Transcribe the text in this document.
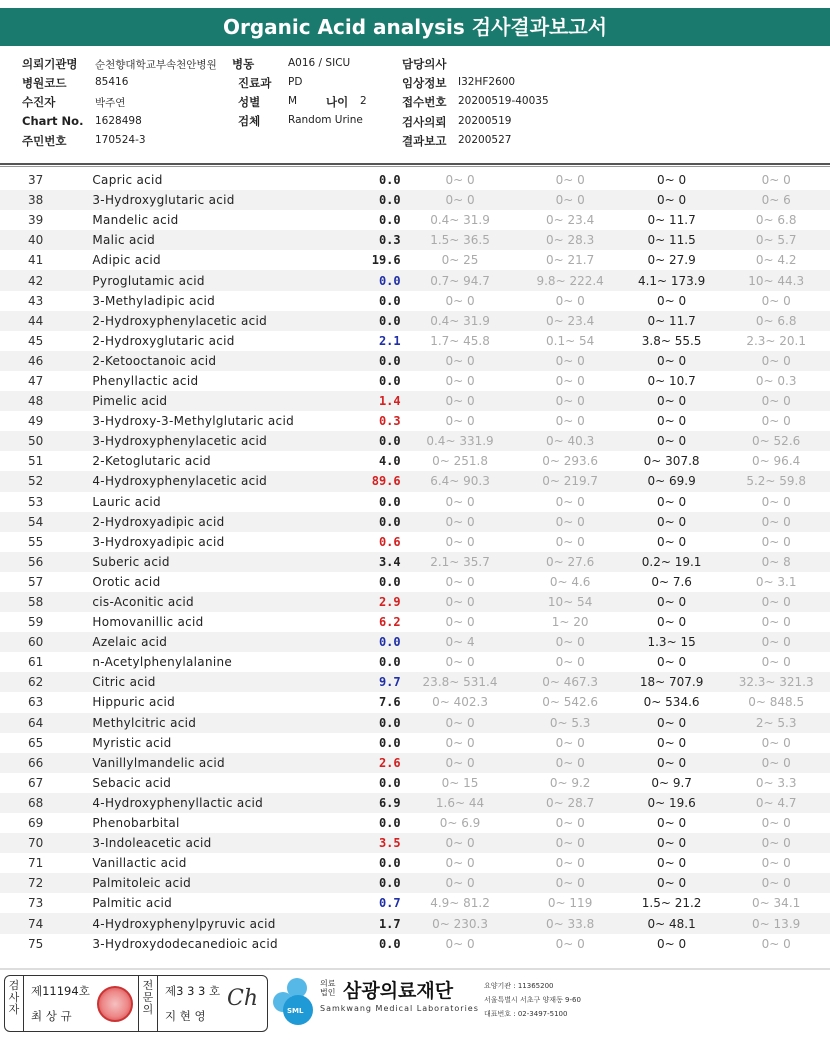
Organic Acid analysis 검사결과보고서
의뢰기관명 순천향대학교부속천안병원 병동	A016 / SICU	담당의사
병원코드	85416	진료과 PD	임상정보 I32HF2600
수진자	박주연	성별	M	나이 2	접수번호 20200519-40035
Chart No. 1628498	검체	Random Urine	검사의뢰 20200519
주민번호	170524-3	결과보고 20200527
37	Capric acid	0.0	0~ 0	0~ 0	0~ 0	0~ 0
38	3-Hydroxyglutaric acid	0.0	0~ 0	0~ 0	0~ 0	0~ 6
39	Mandelic acid	0.0	0.4~ 31.9	0~ 23.4	0~ 11.7	0~ 6.8
40	Malic acid	0.3	1.5~ 36.5	0~ 28.3	0~ 11.5	0~ 5.7
41	Adipic acid	19.6	0~ 25	0~ 21.7	0~ 27.9	0~ 4.2
42	Pyroglutamic acid	0.0	0.7~ 94.7	9.8~ 222.4	4.1~ 173.9	10~ 44.3
43	3-Methyladipic acid	0.0	0~ 0	0~ 0	0~ 0	0~ 0
44	2-Hydroxyphenylacetic acid	0.0	0.4~ 31.9	0~ 23.4	0~ 11.7	0~ 6.8
45	2-Hydroxyglutaric acid	2.1	1.7~ 45.8	0.1~ 54	3.8~ 55.5	2.3~ 20.1
46	2-Ketooctanoic acid	0.0	0~ 0	0~ 0	0~ 0	0~ 0
47	Phenyllactic acid	0.0	0~ 0	0~ 0	0~ 10.7	0~ 0.3
48	Pimelic acid	1.4	0~ 0	0~ 0	0~ 0	0~ 0
49	3-Hydroxy-3-Methylglutaric acid	0.3	0~ 0	0~ 0	0~ 0	0~ 0
50	3-Hydroxyphenylacetic acid	0.0	0.4~ 331.9	0~ 40.3	0~ 0	0~ 52.6
51	2-Ketoglutaric acid	4.0	0~ 251.8	0~ 293.6	0~ 307.8	0~ 96.4
52	4-Hydroxyphenylacetic acid	89.6	6.4~ 90.3	0~ 219.7	0~ 69.9	5.2~ 59.8
53	Lauric acid	0.0	0~ 0	0~ 0	0~ 0	0~ 0
54	2-Hydroxyadipic acid	0.0	0~ 0	0~ 0	0~ 0	0~ 0
55	3-Hydroxyadipic acid	0.6	0~ 0	0~ 0	0~ 0	0~ 0
56	Suberic acid	3.4	2.1~ 35.7	0~ 27.6	0.2~ 19.1	0~ 8
57	Orotic acid	0.0	0~ 0	0~ 4.6	0~ 7.6	0~ 3.1
58	cis-Aconitic acid	2.9	0~ 0	10~ 54	0~ 0	0~ 0
59	Homovanillic acid	6.2	0~ 0	1~ 20	0~ 0	0~ 0
60	Azelaic acid	0.0	0~ 4	0~ 0	1.3~ 15	0~ 0
61	n-Acetylphenylalanine	0.0	0~ 0	0~ 0	0~ 0	0~ 0
62	Citric acid	9.7	23.8~ 531.4	0~ 467.3	18~ 707.9	32.3~ 321.3
63	Hippuric acid	7.6	0~ 402.3	0~ 542.6	0~ 534.6	0~ 848.5
64	Methylcitric acid	0.0	0~ 0	0~ 5.3	0~ 0	2~ 5.3
65	Myristic acid	0.0	0~ 0	0~ 0	0~ 0	0~ 0
66	Vanillylmandelic acid	2.6	0~ 0	0~ 0	0~ 0	0~ 0
67	Sebacic acid	0.0	0~ 15	0~ 9.2	0~ 9.7	0~ 3.3
68	4-Hydroxyphenyllactic acid	6.9	1.6~ 44	0~ 28.7	0~ 19.6	0~ 4.7
69	Phenobarbital	0.0	0~ 6.9	0~ 0	0~ 0	0~ 0
70	3-Indoleacetic acid	3.5	0~ 0	0~ 0	0~ 0	0~ 0
71	Vanillactic acid	0.0	0~ 0	0~ 0	0~ 0	0~ 0
72	Palmitoleic acid	0.0	0~ 0	0~ 0	0~ 0	0~ 0
73	Palmitic acid	0.7	4.9~ 81.2	0~ 119	1.5~ 21.2	0~ 34.1
74	4-Hydroxyphenylpyruvic acid	1.7	0~ 230.3	0~ 33.8	0~ 48.1	0~ 13.9
75	3-Hydroxydodecanedioic acid	0.0	0~ 0	0~ 0	0~ 0	0~ 0
검사자
제11194호
최 상 규
전문의
제3 3 3 호
지 현 영
Ch	SML
의료법인 삼광의료재단
Samkwang Medical Laboratories
요양기관 : 11365200
서울특별시 서초구 양재동 9-60
대표번호 : 02-3497-5100
